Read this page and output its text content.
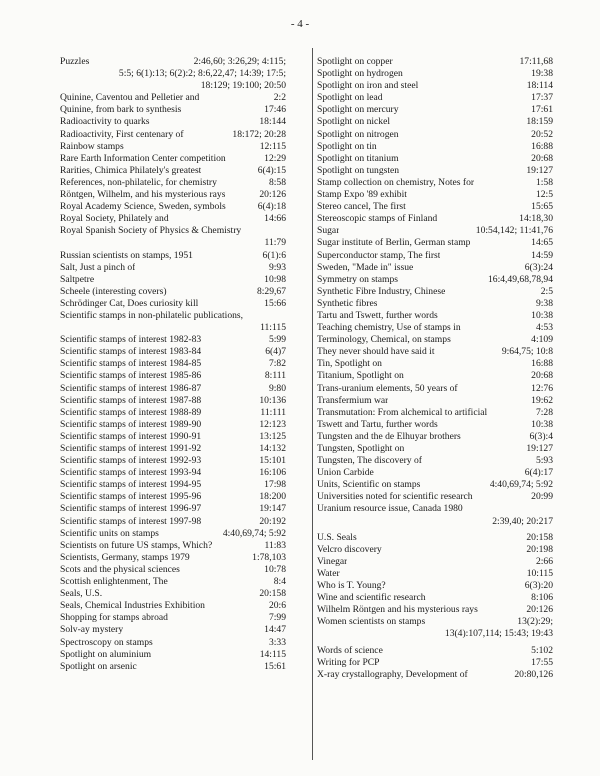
- 4 -
Puzzles	2:46,60; 3:26,29; 4:115;
5:5; 6(1):13; 6(2):2; 8:6,22,47; 14:39; 17:5;
18:129; 19:100; 20:50
Quinine, Caventou and Pelletier and	2:2
Quinine, from bark to synthesis	17:46
Radioactivity to quarks	18:144
Radioactivity, First centenary of	18:172; 20:28
Rainbow stamps	12:115
Rare Earth Information Center competition	12:29
Rarities, Chimica Philately's greatest	6(4):15
References, non-philatelic, for chemistry	8:58
Röntgen, Wilhelm, and his mysterious rays	20:126
Royal Academy Science, Sweden, symbols	6(4):18
Royal Society, Philately and	14:66
Royal Spanish Society of Physics & Chemistry
11:79
Russian scientists on stamps, 1951	6(1):6
Salt, Just a pinch of	9:93
Saltpetre	10:98
Scheele (interesting covers)	8:29,67
Schrödinger Cat, Does curiosity kill	15:66
Scientific stamps in non-philatelic publications,
11:115
Scientific stamps of interest 1982-83	5:99
Scientific stamps of interest 1983-84	6(4)7
Scientific stamps of interest 1984-85	7:82
Scientific stamps of interest 1985-86	8:111
Scientific stamps of interest 1986-87	9:80
Scientific stamps of interest 1987-88	10:136
Scientific stamps of interest 1988-89	11:111
Scientific stamps of interest 1989-90	12:123
Scientific stamps of interest 1990-91	13:125
Scientific stamps of interest 1991-92	14:132
Scientific stamps of interest 1992-93	15:101
Scientific stamps of interest 1993-94	16:106
Scientific stamps of interest 1994-95	17:98
Scientific stamps of interest 1995-96	18:200
Scientific stamps of interest 1996-97	19:147
Scientific stamps of interest 1997-98	20:192
Scientific units on stamps	4:40,69,74; 5:92
Scientists on future US stamps, Which?	11:83
Scientists, Germany, stamps 1979	1:78,103
Scots and the physical sciences	10:78
Scottish enlightenment, The	8:4
Seals, U.S.	20:158
Seals, Chemical Industries Exhibition	20:6
Shopping for stamps abroad	7:99
Solv-ay mystery	14:47
Spectroscopy on stamps	3:33
Spotlight on aluminium	14:115
Spotlight on arsenic	15:61
Spotlight on copper	17:11,68
Spotlight on hydrogen	19:38
Spotlight on iron and steel	18:114
Spotlight on lead	17:37
Spotlight on mercury	17:61
Spotlight on nickel	18:159
Spotlight on nitrogen	20:52
Spotlight on tin	16:88
Spotlight on titanium	20:68
Spotlight on tungsten	19:127
Stamp collection on chemistry, Notes for	1:58
Stamp Expo '89 exhibit	12:5
Stereo cancel, The first	15:65
Stereoscopic stamps of Finland	14:18,30
Sugar	10:54,142; 11:41,76
Sugar institute of Berlin, German stamp	14:65
Superconductor stamp, The first	14:59
Sweden, "Made in" issue	6(3):24
Symmetry on stamps	16:4,49,68,78,94
Synthetic Fibre Industry, Chinese	2:5
Synthetic fibres	9:38
Tartu and Tswett, further words	10:38
Teaching chemistry, Use of stamps in	4:53
Terminology, Chemical, on stamps	4:109
They never should have said it	9:64,75; 10:8
Tin, Spotlight on	16:88
Titanium, Spotlight on	20:68
Trans-uranium elements, 50 years of	12:76
Transfermium war	19:62
Transmutation: From alchemical to artificial	7:28
Tswett and Tartu, further words	10:38
Tungsten and the de Elhuyar brothers	6(3):4
Tungsten, Spotlight on	19:127
Tungsten, The discovery of	5:93
Union Carbide	6(4):17
Units, Scientific on stamps	4:40,69,74; 5:92
Universities noted for scientific research	20:99
Uranium resource issue, Canada 1980
2:39,40; 20:217
U.S. Seals	20:158
Velcro discovery	20:198
Vinegar	2:66
Water	10:115
Who is T. Young?	6(3):20
Wine and scientific research	8:106
Wilhelm Röntgen and his mysterious rays	20:126
Women scientists on stamps	13(2):29;
13(4):107,114; 15:43; 19:43
Words of science	5:102
Writing for PCP	17:55
X-ray crystallography, Development of	20:80,126
